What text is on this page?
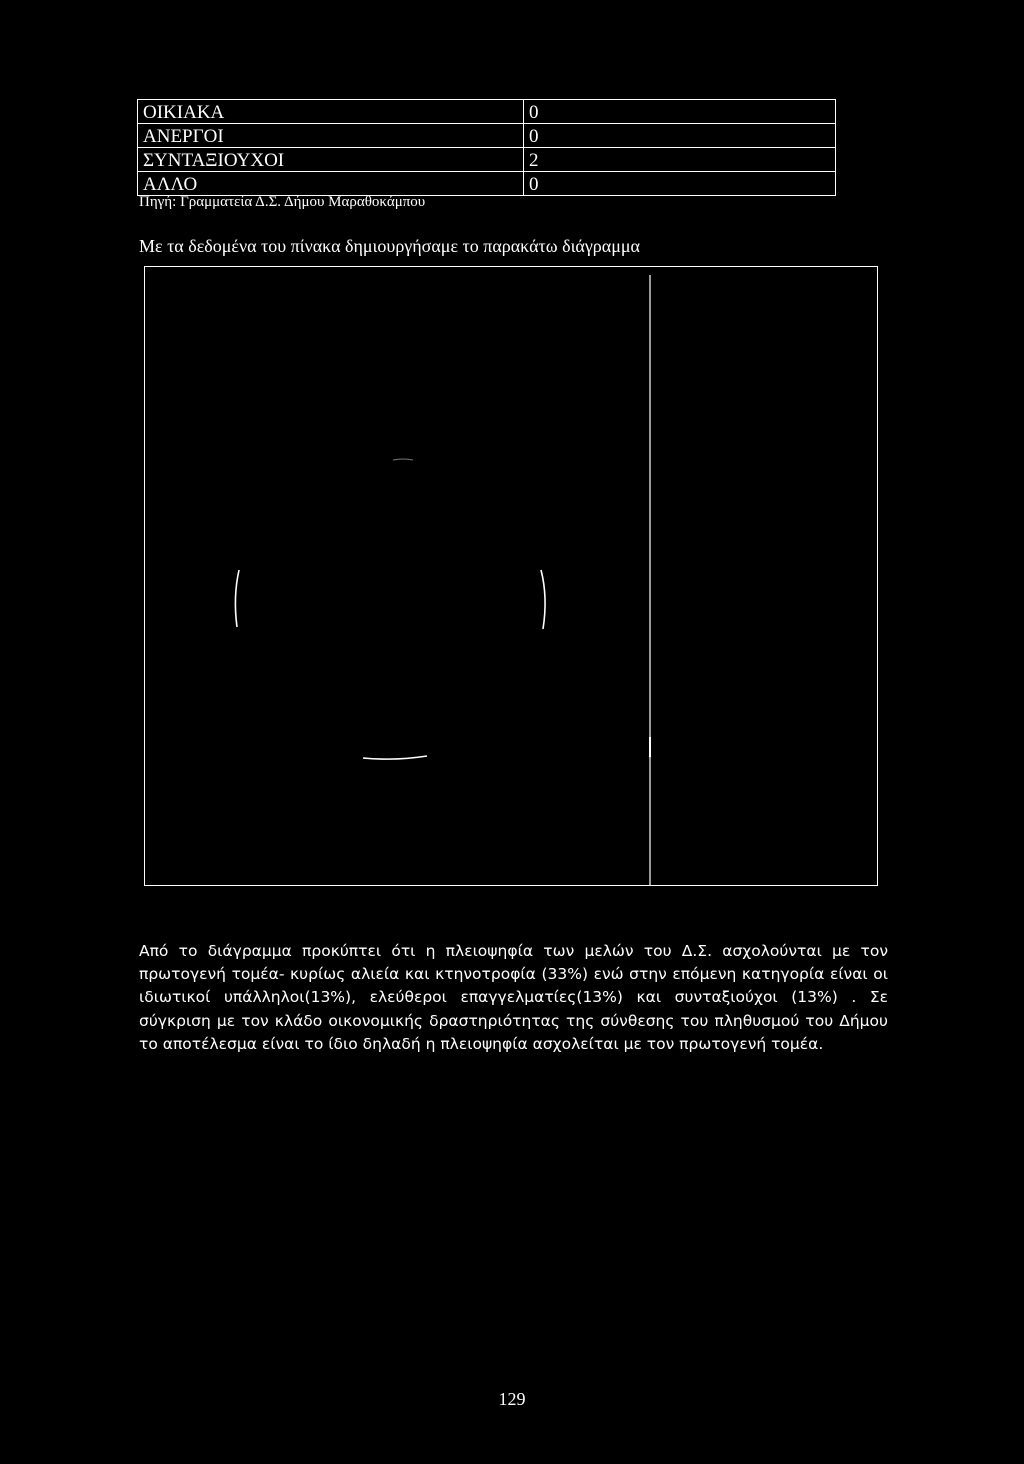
ΟΙΚΙΑΚΑ	0
ΑΝΕΡΓΟΙ	0
ΣΥΝΤΑΞΙΟΥΧΟΙ	2
ΑΛΛΟ	0
Πηγή: Γραμματεία Δ.Σ. Δήμου Μαραθοκάμπου
Με τα δεδομένα του πίνακα δημιουργήσαμε το παρακάτω διάγραμμα
Από το διάγραμμα προκύπτει ότι η πλειοψηφία των μελών του Δ.Σ. ασχολούνται με τον πρωτογενή τομέα- κυρίως αλιεία και κτηνοτροφία (33%) ενώ στην επόμενη κατηγορία είναι οι ιδιωτικοί υπάλληλοι(13%), ελεύθεροι επαγγελματίες(13%) και συνταξιούχοι (13%) . Σε σύγκριση με τον κλάδο οικονομικής δραστηριότητας της σύνθεσης του πληθυσμού του Δήμου το αποτέλεσμα είναι το ίδιο δηλαδή η πλειοψηφία ασχολείται με τον πρωτογενή τομέα.
129
